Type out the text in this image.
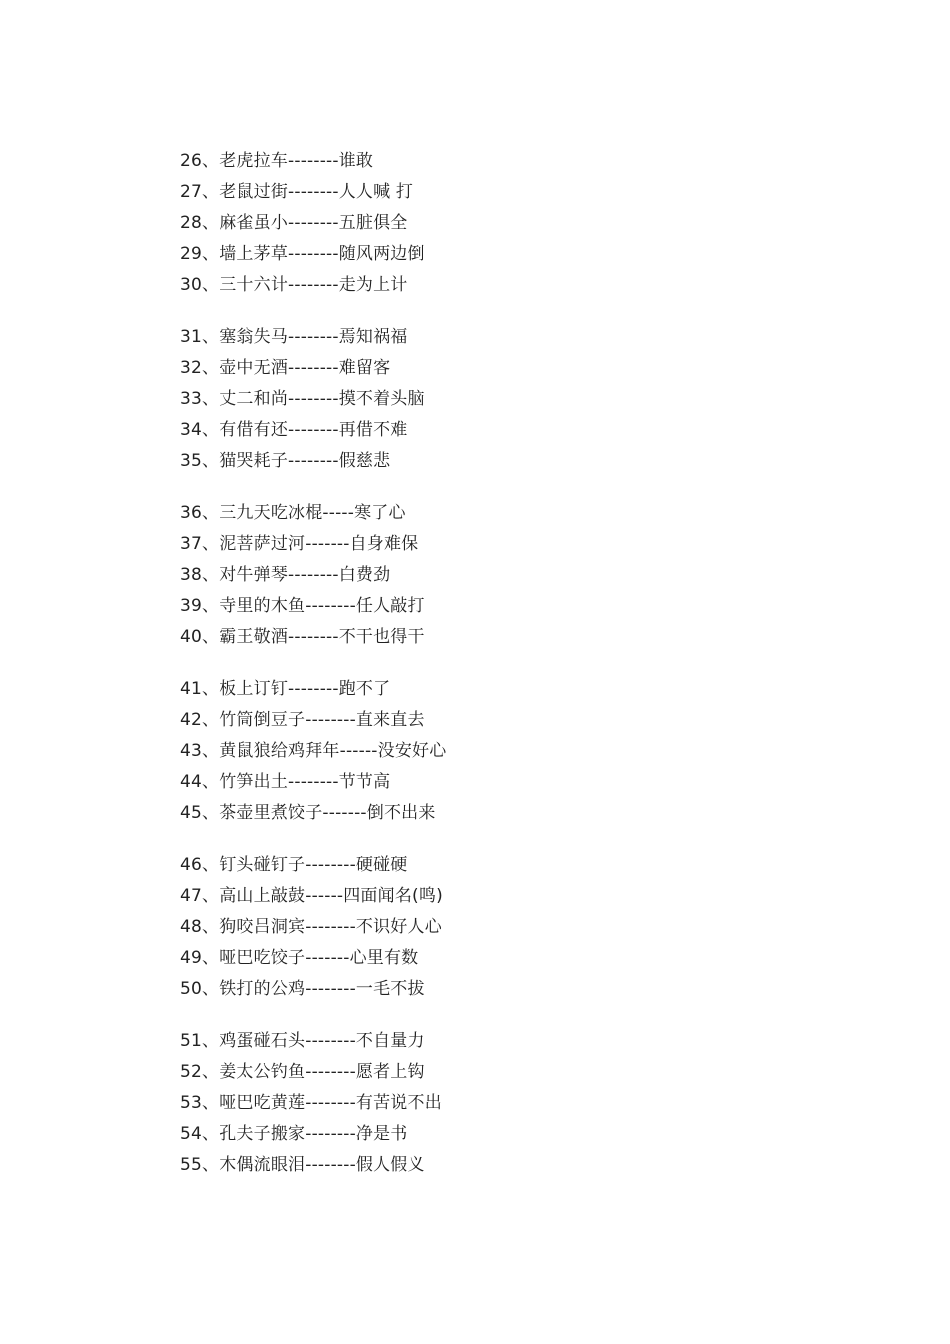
26、老虎拉车--------谁敢
27、老鼠过街--------人人喊 打
28、麻雀虽小--------五脏俱全
29、墙上茅草--------随风两边倒
30、三十六计--------走为上计
31、塞翁失马--------焉知祸福
32、壶中无酒--------难留客
33、丈二和尚--------摸不着头脑
34、有借有还--------再借不难
35、猫哭耗子--------假慈悲
36、三九天吃冰棍-----寒了心
37、泥菩萨过河-------自身难保
38、对牛弹琴--------白费劲
39、寺里的木鱼--------任人敲打
40、霸王敬酒--------不干也得干
41、板上订钉--------跑不了
42、竹筒倒豆子--------直来直去
43、黄鼠狼给鸡拜年------没安好心
44、竹笋出土--------节节高
45、茶壶里煮饺子-------倒不出来
46、钉头碰钉子--------硬碰硬
47、高山上敲鼓------四面闻名(鸣)
48、狗咬吕洞宾--------不识好人心
49、哑巴吃饺子-------心里有数
50、铁打的公鸡--------一毛不拔
51、鸡蛋碰石头--------不自量力
52、姜太公钓鱼--------愿者上钩
53、哑巴吃黄莲--------有苦说不出
54、孔夫子搬家--------净是书
55、木偶流眼泪--------假人假义
